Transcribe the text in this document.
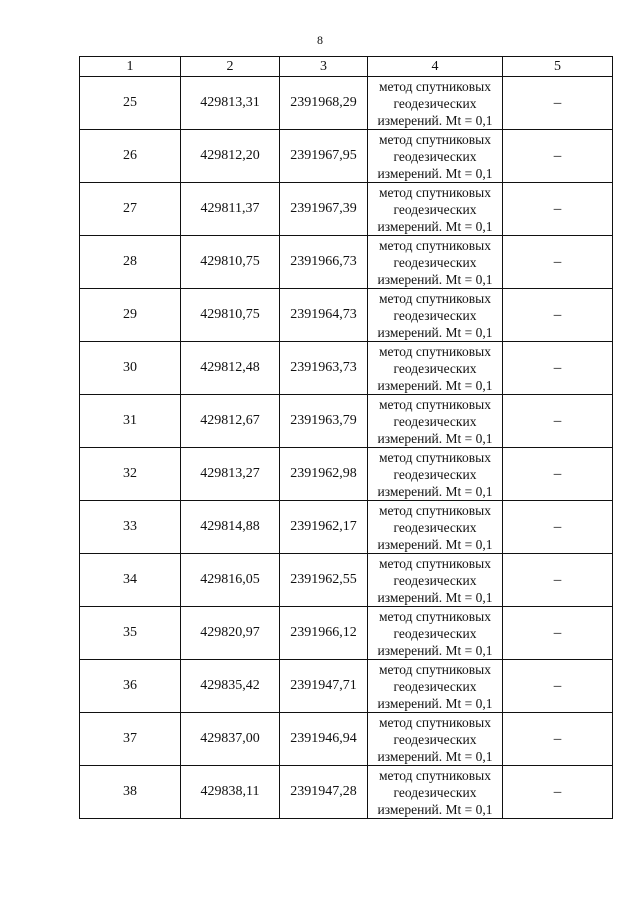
8
1	2	3	4	5
25	429813,31	2391968,29	метод спутниковых
геодезических
измерений. Mt = 0,1	–
26	429812,20	2391967,95	метод спутниковых
геодезических
измерений. Mt = 0,1	–
27	429811,37	2391967,39	метод спутниковых
геодезических
измерений. Mt = 0,1	–
28	429810,75	2391966,73	метод спутниковых
геодезических
измерений. Mt = 0,1	–
29	429810,75	2391964,73	метод спутниковых
геодезических
измерений. Mt = 0,1	–
30	429812,48	2391963,73	метод спутниковых
геодезических
измерений. Mt = 0,1	–
31	429812,67	2391963,79	метод спутниковых
геодезических
измерений. Mt = 0,1	–
32	429813,27	2391962,98	метод спутниковых
геодезических
измерений. Mt = 0,1	–
33	429814,88	2391962,17	метод спутниковых
геодезических
измерений. Mt = 0,1	–
34	429816,05	2391962,55	метод спутниковых
геодезических
измерений. Mt = 0,1	–
35	429820,97	2391966,12	метод спутниковых
геодезических
измерений. Mt = 0,1	–
36	429835,42	2391947,71	метод спутниковых
геодезических
измерений. Mt = 0,1	–
37	429837,00	2391946,94	метод спутниковых
геодезических
измерений. Mt = 0,1	–
38	429838,11	2391947,28	метод спутниковых
геодезических
измерений. Mt = 0,1	–
